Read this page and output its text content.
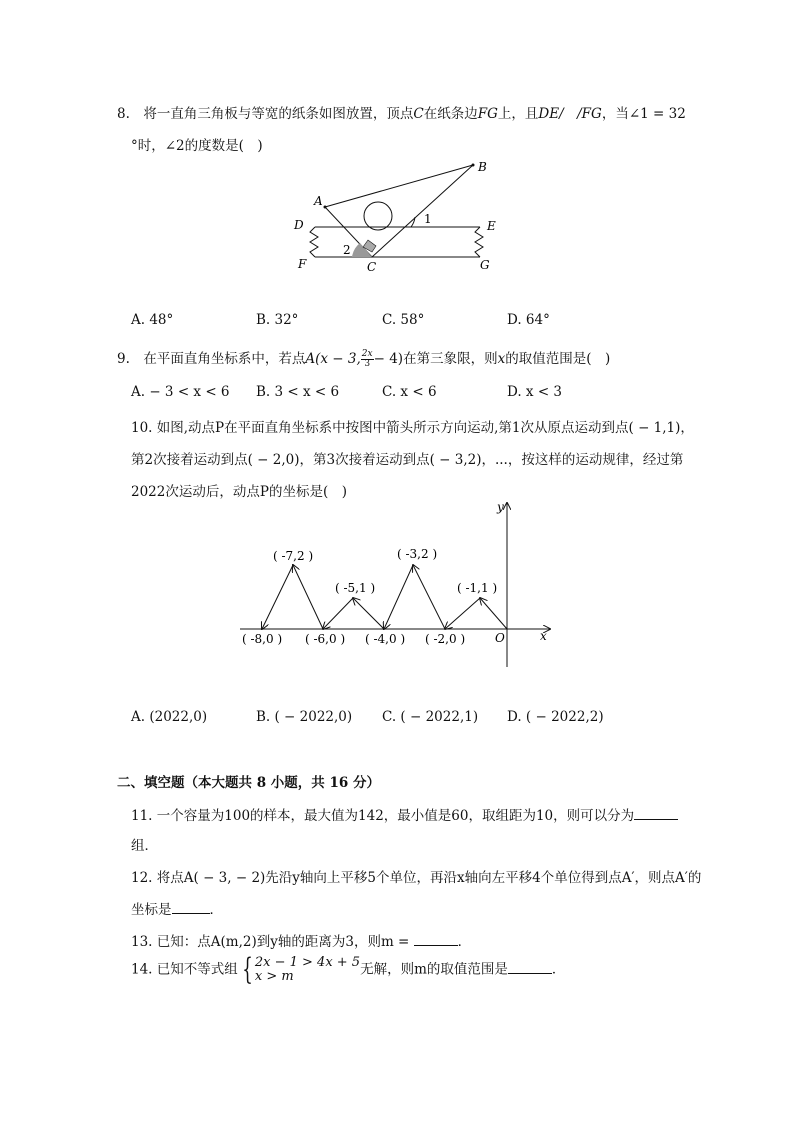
8.　将一直角三角板与等宽的纸条如图放置，顶点C在纸条边FG上，且DE/　/FG，当∠1 = 32
°时，∠2的度数是(　)
B
A
D	E
F	G
C
1
2
A. 48°	B. 32°	C. 58°	D. 64°
9.　在平面直角坐标系中，若点A(x − 3, $\frac{2x}{3} - 4$)在第三象限，则x的取值范围是(　)
A. − 3 < x < 6 B. 3 < x < 6	C. x < 6	D. x < 3
10. 如图,动点P在平面直角坐标系中按图中箭头所示方向运动,第1次从原点运动到点( − 1,1)，
第2次接着运动到点( − 2,0)，第3次接着运动到点( − 3,2)，...，按这样的运动规律，经过第
2022次运动后，动点P的坐标是(　)
y
x
O
( -7,2 )
( -5,1 )
( -3,2 )
( -1,1 )
( -8,0 ) ( -6,0 ) ( -4,0 ) ( -2,0 )
A. (2022,0)	B. ( − 2022,0) C. ( − 2022,1) D. ( − 2022,2)
二、填空题（本大题共 8 小题，共 16 分）
11. 一个容量为100的样本，最大值为142，最小值是60，取组距为10，则可以分为
组．
12. 将点A( − 3, − 2)先沿y轴向上平移5个单位，再沿x轴向左平移4个单位得到点A′，则点A′的
坐标是	．
13. 已知：点A(m,2)到y轴的距离为3，则m =	．
14. 已知不等式组 { 2x − 1 > 4x + 5
x > m	无解，则m的取值范围是	．
